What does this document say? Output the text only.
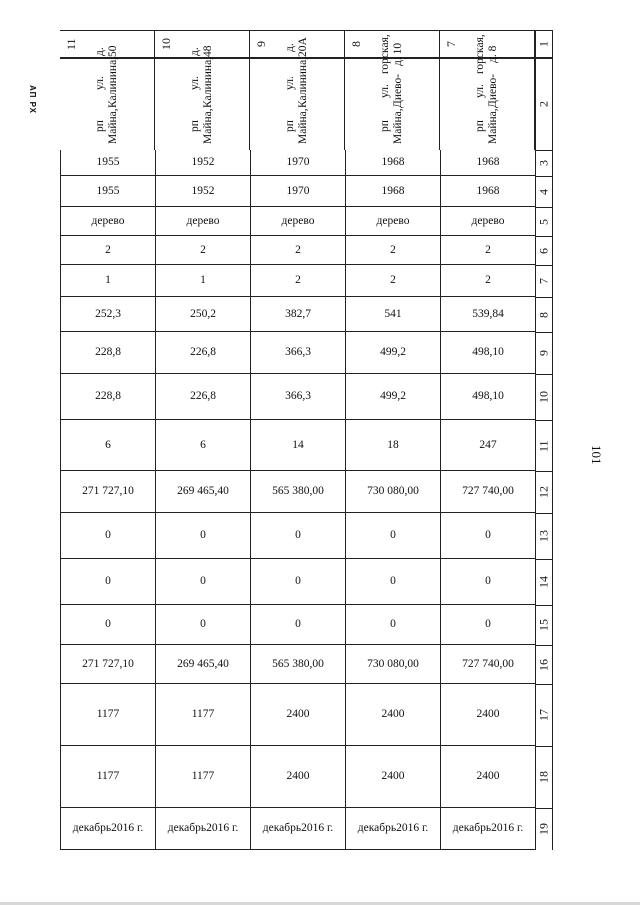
АП РХ
101
11
рп Майна,
ул. Калинина,
д. 50
1955
1955
дерево
2
1
252,3
228,8
228,8
6
271 727,10
0
0
0
271 727,10
1177
1177
декабрь 2016 г.
10
рп Майна,
ул. Калинина,
д. 48
1952
1952
дерево
2
1
250,2
226,8
226,8
6
269 465,40
0
0
0
269 465,40
1177
1177
декабрь 2016 г.
9
рп Майна,
ул. Калинина,
д. 20А
1970
1970
дерево
2
2
382,7
366,3
366,3
14
565 380,00
0
0
0
565 380,00
2400
2400
декабрь 2016 г.
8
рп Майна,
ул. Диево-
горская, д. 10
1968
1968
дерево
2
2
541
499,2
499,2
18
730 080,00
0
0
0
730 080,00
2400
2400
декабрь 2016 г.
7
рп Майна,
ул. Диево-
горская, д. 8
1968
1968
дерево
2
2
539,84
498,10
498,10
247
727 740,00
0
0
0
727 740,00
2400
2400
декабрь 2016 г.
1
2
3
4
5
6
7
8
9
10
11
12
13
14
15
16
17
18
19
